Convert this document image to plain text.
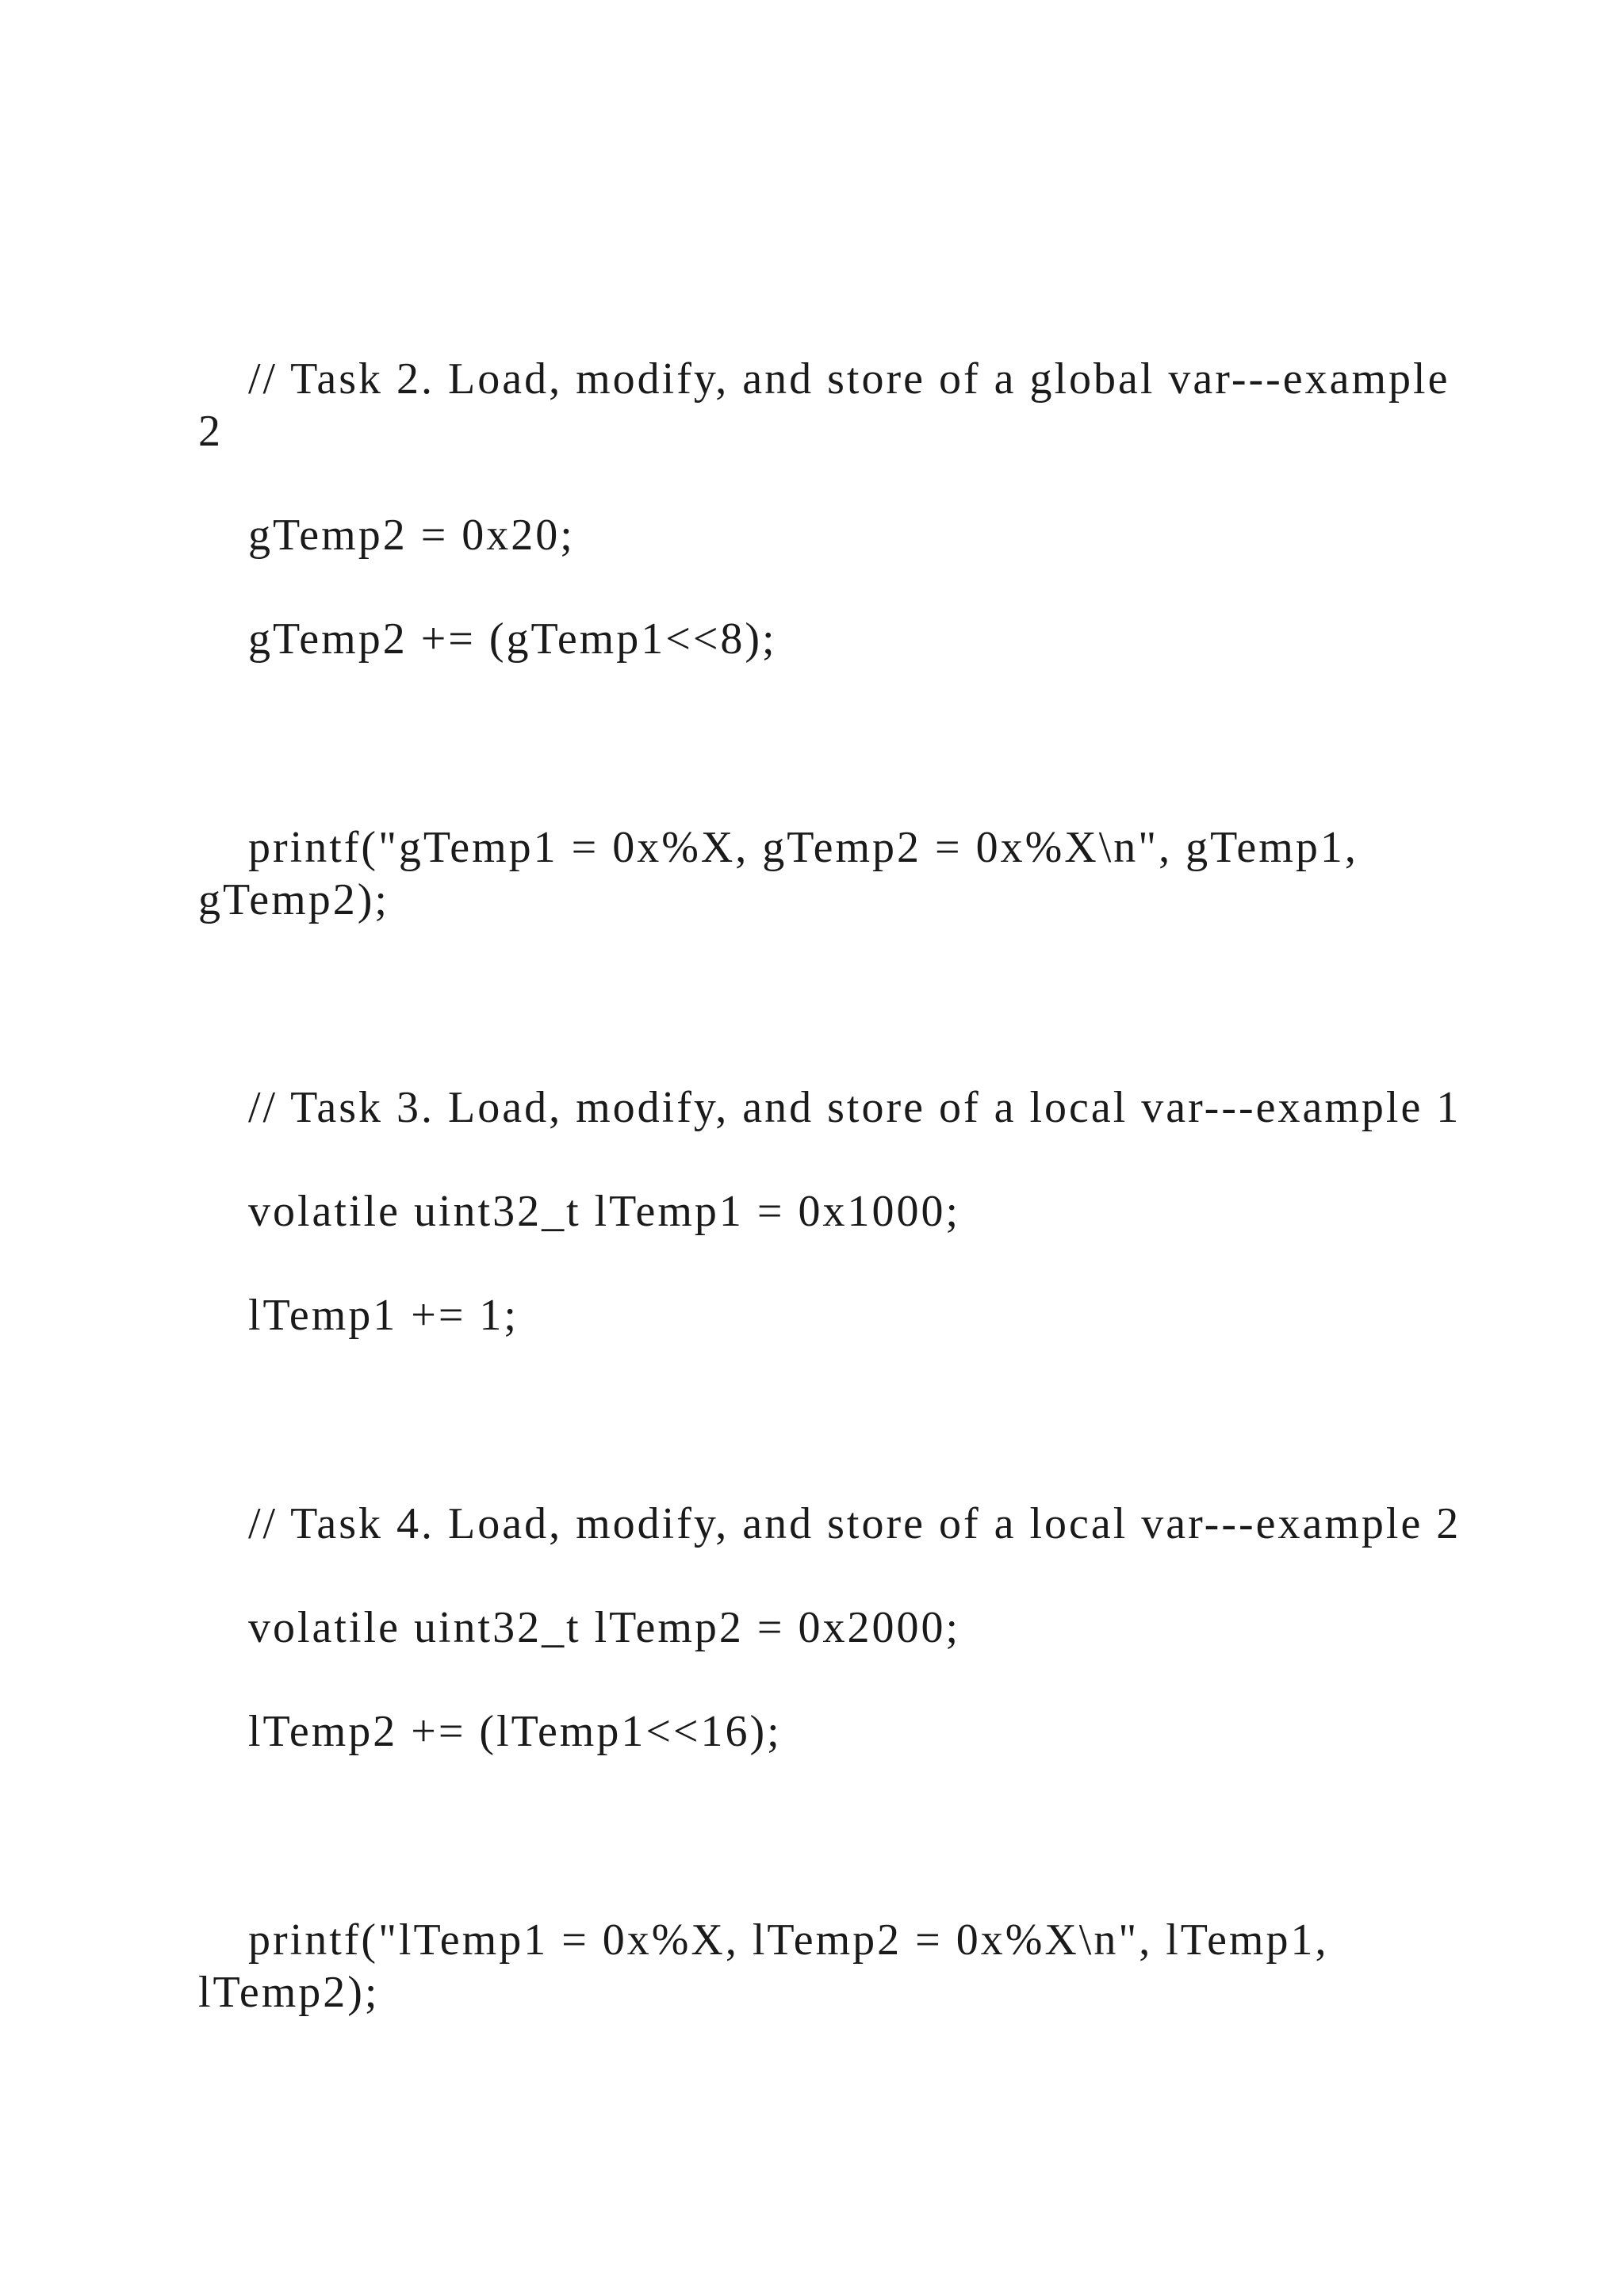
// Task 2. Load, modify, and store of a global var---example
2
gTemp2 = 0x20;
gTemp2 += (gTemp1<<8);
printf("gTemp1 = 0x%X, gTemp2 = 0x%X\n", gTemp1,
gTemp2);
// Task 3. Load, modify, and store of a local var---example 1
volatile uint32_t lTemp1 = 0x1000;
lTemp1 += 1;
// Task 4. Load, modify, and store of a local var---example 2
volatile uint32_t lTemp2 = 0x2000;
lTemp2 += (lTemp1<<16);
printf("lTemp1 = 0x%X, lTemp2 = 0x%X\n", lTemp1,
lTemp2);
